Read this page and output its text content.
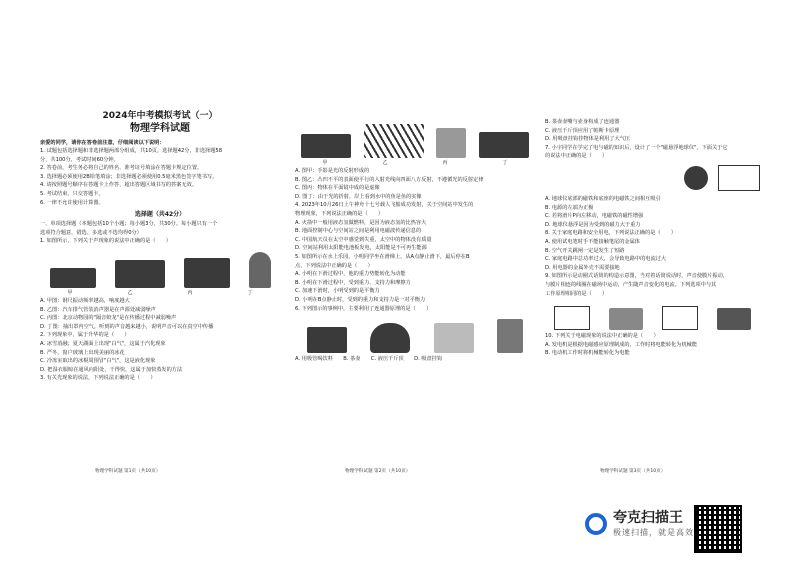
2024年中考模拟考试（一）
物理学科试题
亲爱的同学，请你在答卷前注意，仔细阅读以下说明：
1. 试题包括选择题和非选择题两部分组成，共10页，选择题42分，非选择题58
分，共100分，考试时间60分钟。
2. 答卷前，考生务必将自己的姓名、准考证号填涂在答题卡规定位置。
3. 选择题必须使用2B铅笔填涂；非选择题必须使用0.5毫米黑色签字笔书写。
4. 请按照题号顺序在答题卡上作答，超出答题区域书写的答案无效。
5. 考试结束，只交答题卡。
6. 一律不允许使用计算器。
选择题（共42分）
一、单项选择题（本题包括10个小题；每小题3分，共30分。每小题只有一个
选项符合题意，错选、多选或不选均得0分）
1. 如图所示，下列关于声现象的说法中正确的是（　　）
甲	乙	丙	丁
A. 甲图：钢尺振动频率越高，响度越大
B. 乙图：汽车排气管装消声器是在声源处减弱噪声
C. 丙图：北京动物园的"隔音蛟龙"是在传播过程中减弱噪声
D. 丁图：抽出罩内空气，听到的声音越来越小，说明声音可以在真空中传播
2. 下列现象中，属于升华的是（　　）
A. 冰雪消融；夏天湖面上出现"白气"，这属于汽化现象
B. 严冬，窗户玻璃上出现美丽的冰花
C. 冷冻室取出的冰棍周围冒"白气"，这是液化现象
D. 把湿衣服晾在通风向阳处，干得快，这属于加快蒸发的方法
3. 有关光现象的说法，下列说法正确的是（　　）
甲	乙	丙	丁
A. 图甲：手影是光的反射形成的
B. 图乙：凸凹不平的表面使平行的入射光线向四面八方反射，不遵循光的反射定律
C. 图丙：物体在平面镜中成的是虚像
D. 图丁：由于光的折射，岸上看到水中的鱼是鱼的实像
4. 2023年10月26日上午神舟十七号载人飞船成功发射，关于空间站中发生的
物理现象，下列说法正确的是（　　）
A. 火箭中一般用液态氢做燃料，是因为液态氢的比热容大
B. 地面控制中心与空间站之间是利用电磁波传递信息的
C. 中国航天员在太空中感觉到失重，太空中的物体没有质量
D. 空间站利用太阳能电池板发电，太阳能是不可再生能源
5. 如图所示在水上乐园，小明同学坐在滑梯上，从A点静止滑下，最后停在B
点，下列说法中正确的是（　　）
A. 小明在下滑过程中，他的重力势能转化为动能
B. 小明在下滑过程中，受到重力、支持力和摩擦力
C. 加速下滑时，小明受到的是平衡力
D. 小明在B点静止时，受到的重力和支持力是一对平衡力
6. 下列图示的事例中，主要利用了连通器原理的是（　　）
A. 用吸管喝饮料　　B. 茶壶　　C. 液压千斤顶　　D. 吸盘挂钩
B. 茶壶壶嘴与壶身构成了连通器
C. 液压千斤顶应用了帕斯卡原理
D. 用吸盘挂钩挂物体是利用了大气压
7. 小宇同学在学完了电与磁的知识后，设计了一个"磁悬浮地球仪"，下面关于它
的说法中正确的是（　　）
A. 地球仪底部的磁铁和底座的电磁铁之间相互吸引
B. 电源的左端为正极
C. 若将滑片P向左移动，电磁铁的磁性增强
D. 地球仪悬浮是因为受到的磁力大于重力
8. 关于家庭电路和安全用电，下列说法正确的是（　　）
A. 使用试电笔时手不能接触笔尾的金属体
B. 空气开关跳闸一定是发生了短路
C. 家庭电路中总功率过大，会导致电路中的电流过大
D. 用电器的金属外壳不需要接地
9. 如图所示是动圈式话筒的构造示意图，当对着话筒说话时，声音使膜片振动，
与膜片相连的线圈在磁场中运动，产生随声音变化的电流。下列选项中与其
工作原理相同的是（　　）
10. 下列关于电磁现象的说法中正确的是（　　）
A. 发电机是根据电磁感应原理制成的，工作时将电能转化为机械能
B. 电动机工作时将机械能转化为电能
物理学科试题 第1页（共10页）	物理学科试题 第2页（共10页）	物理学科试题 第3页（共10页）
夸克扫描王
极速扫描，就是高效
